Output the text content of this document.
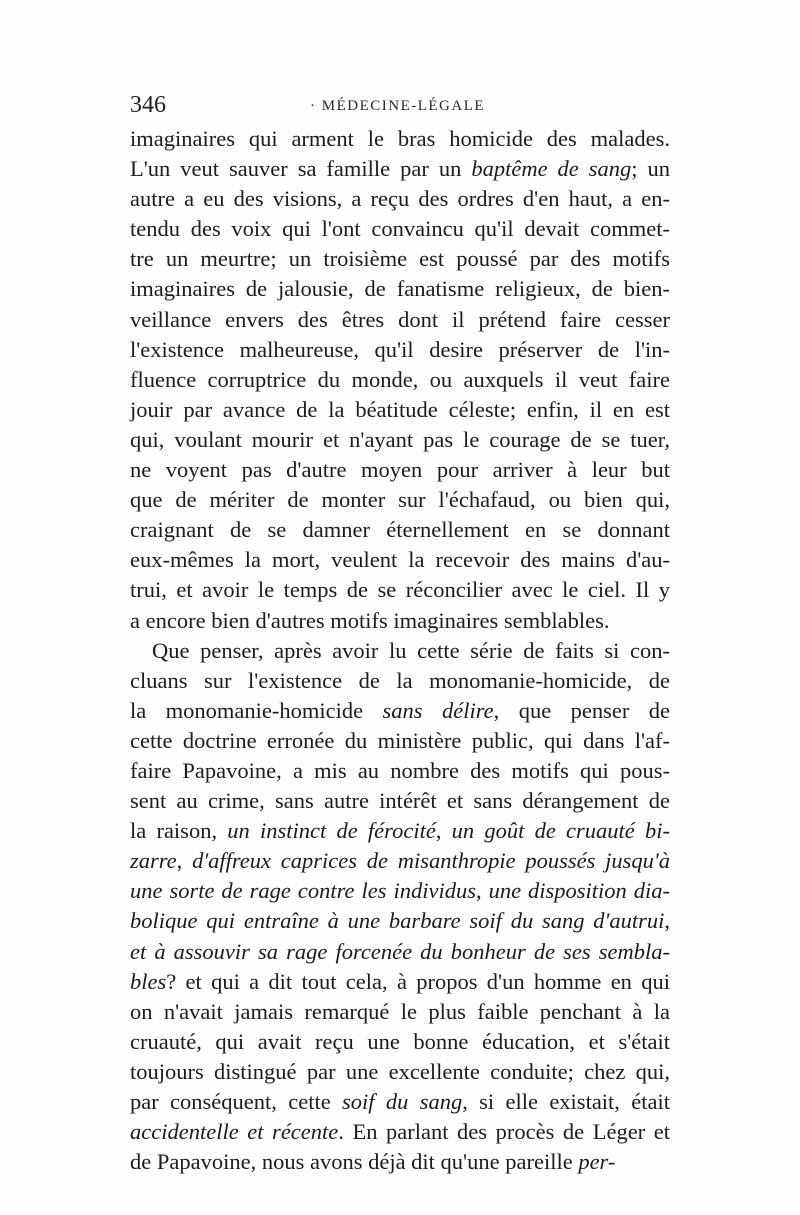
346	· MÉDECINE-LÉGALE
imaginaires qui arment le bras homicide des malades.
L'un veut sauver sa famille par un baptême de sang; un
autre a eu des visions, a reçu des ordres d'en haut, a en-
tendu des voix qui l'ont convaincu qu'il devait commet-
tre un meurtre; un troisième est poussé par des motifs
imaginaires de jalousie, de fanatisme religieux, de bien-
veillance envers des êtres dont il prétend faire cesser
l'existence malheureuse, qu'il desire préserver de l'in-
fluence corruptrice du monde, ou auxquels il veut faire
jouir par avance de la béatitude céleste; enfin, il en est
qui, voulant mourir et n'ayant pas le courage de se tuer,
ne voyent pas d'autre moyen pour arriver à leur but
que de mériter de monter sur l'échafaud, ou bien qui,
craignant de se damner éternellement en se donnant
eux-mêmes la mort, veulent la recevoir des mains d'au-
trui, et avoir le temps de se réconcilier avec le ciel. Il y
a encore bien d'autres motifs imaginaires semblables.
Que penser, après avoir lu cette série de faits si con-
cluans sur l'existence de la monomanie-homicide, de
la monomanie-homicide sans délire, que penser de
cette doctrine erronée du ministère public, qui dans l'af-
faire Papavoine, a mis au nombre des motifs qui pous-
sent au crime, sans autre intérêt et sans dérangement de
la raison, un instinct de férocité, un goût de cruauté bi-
zarre, d'affreux caprices de misanthropie poussés jusqu'à
une sorte de rage contre les individus, une disposition dia-
bolique qui entraîne à une barbare soif du sang d'autrui,
et à assouvir sa rage forcenée du bonheur de ses sembla-
bles? et qui a dit tout cela, à propos d'un homme en qui
on n'avait jamais remarqué le plus faible penchant à la
cruauté, qui avait reçu une bonne éducation, et s'était
toujours distingué par une excellente conduite; chez qui,
par conséquent, cette soif du sang, si elle existait, était
accidentelle et récente. En parlant des procès de Léger et
de Papavoine, nous avons déjà dit qu'une pareille per-
